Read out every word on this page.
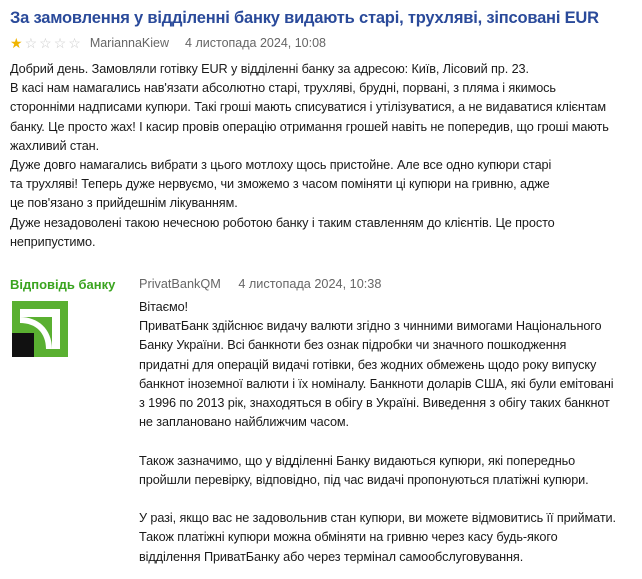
За замовлення у відділенні банку видають старі, трухляві, зіпсовані EUR
★ ☆ ☆ ☆ ☆ MariannaKiew 4 листопада 2024, 10:08
Добрий день. Замовляли готівку EUR у відділенні банку за адресою: Київ, Лісовий пр. 23.
В касі нам намагались нав'язати абсолютно старі, трухляві, брудні, порвані, з пляма і якимось
сторонніми надписами купюри. Такі гроші мають списуватися і утілізуватися, а не видаватися клієнтам
банку. Це просто жах! І касир провів операцію отримання грошей навіть не попередив, що гроші мають
жахливий стан.
Дуже довго намагались вибрати з цього мотлоху щось пристойне. Але все одно купюри старі
та трухляві! Теперь дуже нервуємо, чи зможемо з часом поміняти ці купюри на гривню, адже
це пов'язано з прийдешнім лікуванням.
Дуже незадоволені такою нечесною роботою банку і таким ставленням до клієнтів. Це просто
неприпустимо.
Відповідь банку PrivatBankQM 4 листопада 2024, 10:38
Вітаємо!
ПриватБанк здійснює видачу валюти згідно з чинними вимогами Національного
Банку України. Всі банкноти без ознак підробки чи значного пошкодження
придатні для операцій видачі готівки, без жодних обмежень щодо року випуску
банкнот іноземної валюти і їх номіналу. Банкноти доларів США, які були емітовані
з 1996 по 2013 рік, знаходяться в обігу в Україні. Виведення з обігу таких банкнот
не заплановано найближчим часом.
Також зазначимо, що у відділенні Банку видаються купюри, які попередньо
пройшли перевірку, відповідно, під час видачі пропонуються платіжні купюри.
У разі, якщо вас не задовольнив стан купюри, ви можете відмовитись її приймати.
Також платіжні купюри можна обміняти на гривню через касу будь-якого
відділення ПриватБанку або через термінал самообслуговування.
